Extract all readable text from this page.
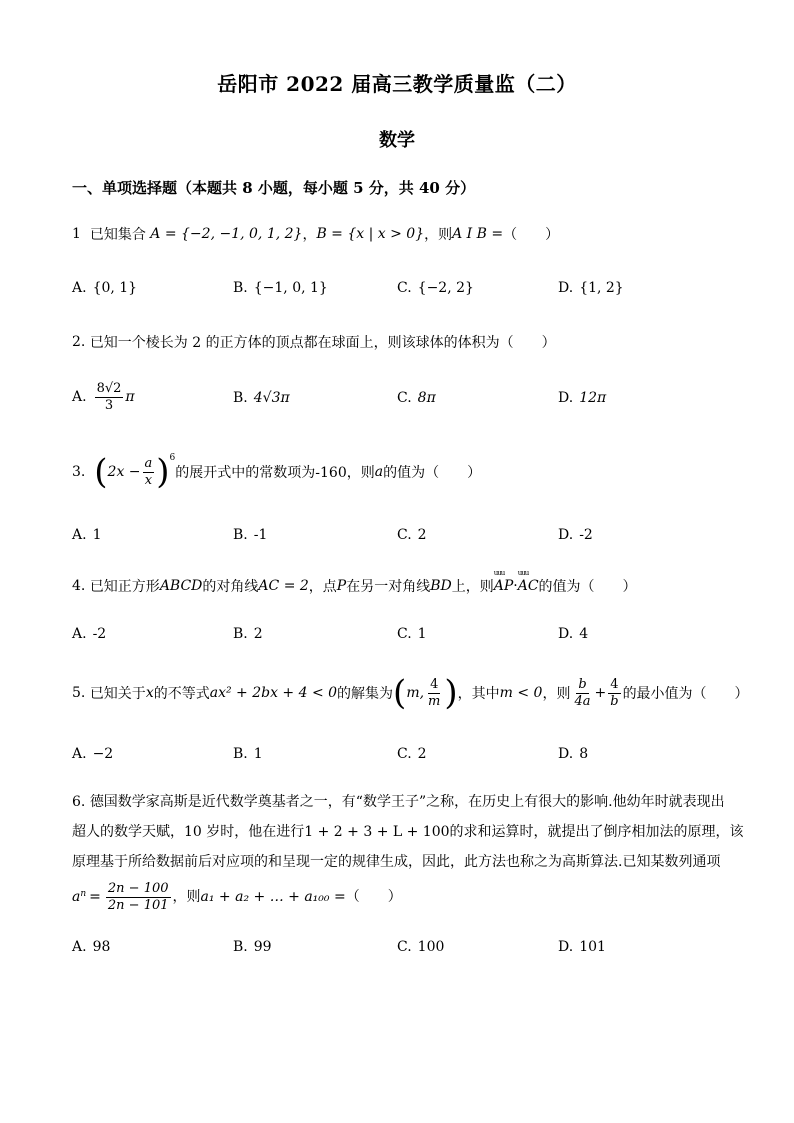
岳阳市 2022 届高三教学质量监（二）
数学
一、单项选择题（本题共 8 小题，每小题 5 分，共 40 分）
1
已知集合
A = {−2, −1, 0, 1, 2} ， B = {x | x > 0} ，则 A I B = （　　）
A. {0, 1}	B. {−1, 0, 1}	C. {−2, 2}	D. {1, 2}
2.
已知一个棱长为 2 的正方体的顶点都在球面上，则该球体的体积为（　　）
A. $\frac{8√2}{3}$ π	B. 4√3π	C. 8π	D. 12π
3.
( $2x - \frac{a}{x} )^6$
的展开式中的常数项为-160，则 a 的值为（　　）
A. 1	B. -1	C. 2	D. -2
4.
已知正方形 ABCD 的对角线 AC = 2 ，点 P 在另一对角线 BD 上，则 uuu AP · uuu AC 的值为（　　）
A. -2	B. 2	C. 1	D. 4
5.
已知关于 x 的不等式 ax² + 2bx + 4 < 0 的解集为 ( m, $\frac{4}{m}$ ) ，其中 m < 0 ，则 $\frac{b}{4a} + \frac{4}{b}$ 的最小值为（　　）
A. −2	B. 1	C. 2	D. 8
6.
德国数学家高斯是近代数学奠基者之一，有“数学王子”之称，在历史上有很大的影响.他幼年时就表现出
超人的数学天赋，10 岁时，他在进行 1 + 2 + 3 + L + 100 的求和运算时，就提出了倒序相加法的原理，该
原理基于所给数据前后对应项的和呈现一定的规律生成，因此，此方法也称之为高斯算法.已知某数列通项
$a^n = \frac{2n - 100}{2n - 101}$ ，则 a₁ + a₂ + … + a₁₀₀ = （　　）
A. 98	B. 99	C. 100	D. 101
